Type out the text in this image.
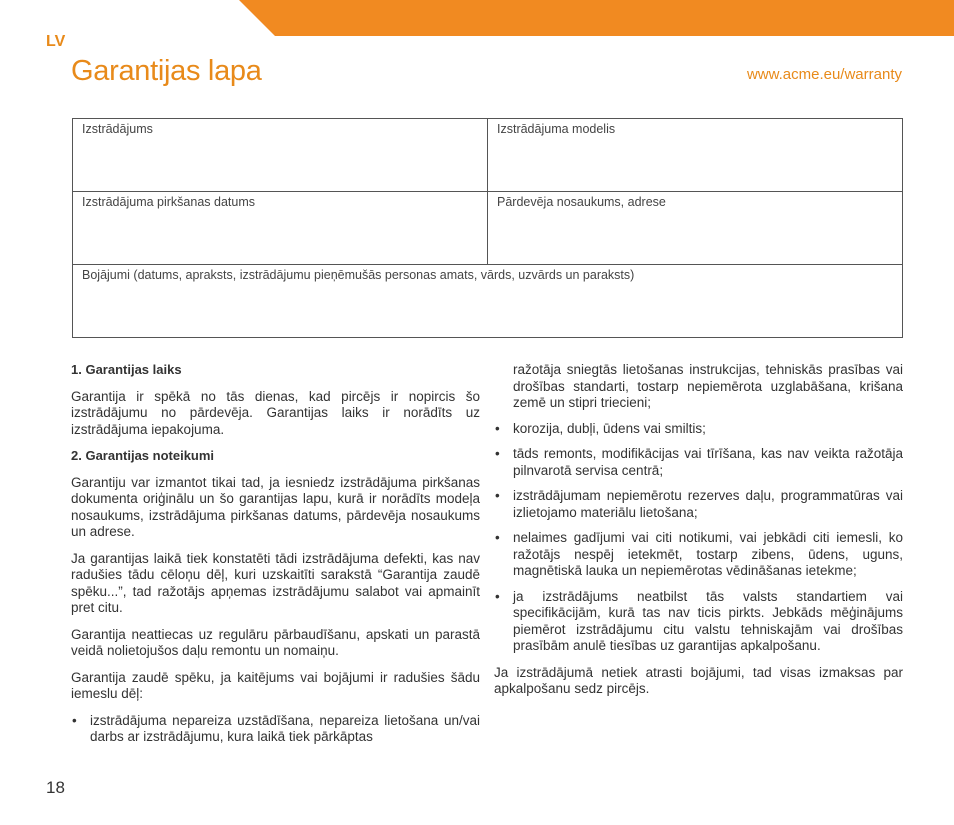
LV
Garantijas lapa	www.acme.eu/warranty
Izstrādājums	Izstrādājuma modelis
Izstrādājuma pirkšanas datums	Pārdevēja nosaukums, adrese
Bojājumi (datums, apraksts, izstrādājumu pieņēmušās personas amats, vārds, uzvārds un paraksts)
1. Garantijas laiks

Garantija ir spēkā no tās dienas, kad pircējs ir nopircis šo izstrādājumu no pārdevēja. Garantijas laiks ir norādīts uz izstrādājuma iepakojuma.

2. Garantijas noteikumi

Garantiju var izmantot tikai tad, ja iesniedz izstrādājuma pirkšanas dokumenta oriģinālu un šo garantijas lapu, kurā ir norādīts modeļa nosaukums, izstrādājuma pirkšanas datums, pārdevēja nosaukums un adrese.

Ja garantijas laikā tiek konstatēti tādi izstrādājuma defekti, kas nav radušies tādu cēloņu dēļ, kuri uzskaitīti sarakstā “Garantija zaudē spēku...”, tad ražotājs apņemas izstrādājumu salabot vai apmainīt pret citu.

Garantija neattiecas uz regulāru pārbaudīšanu, apskati un parastā veidā nolietojušos daļu remontu un nomaiņu.

Garantija zaudē spēku, ja kaitējums vai bojājumi ir radušies šādu iemeslu dēļ:

• izstrādājuma nepareiza uzstādīšana, nepareiza lietošana un/vai darbs ar izstrādājumu, kura laikā tiek pārkāptas
ražotāja sniegtās lietošanas instrukcijas, tehniskās prasības vai drošības standarti, tostarp nepiemērota uzglabāšana, krišana zemē un stipri triecieni;
• korozija, dubļi, ūdens vai smiltis;
• tāds remonts, modifikācijas vai tīrīšana, kas nav veikta ražotāja pilnvarotā servisa centrā;
• izstrādājumam nepiemērotu rezerves daļu, programmatūras vai izlietojamo materiālu lietošana;
• nelaimes gadījumi vai citi notikumi, vai jebkādi citi iemesli, ko ražotājs nespēj ietekmēt, tostarp zibens, ūdens, uguns, magnētiskā lauka un nepiemērotas vēdināšanas ietekme;
• ja izstrādājums neatbilst tās valsts standartiem vai specifikācijām, kurā tas nav ticis pirkts. Jebkāds mēģinājums piemērot izstrādājumu citu valstu tehniskajām vai drošības prasībām anulē tiesības uz garantijas apkalpošanu.

Ja izstrādājumā netiek atrasti bojājumi, tad visas izmaksas par apkalpošanu sedz pircējs.

18
